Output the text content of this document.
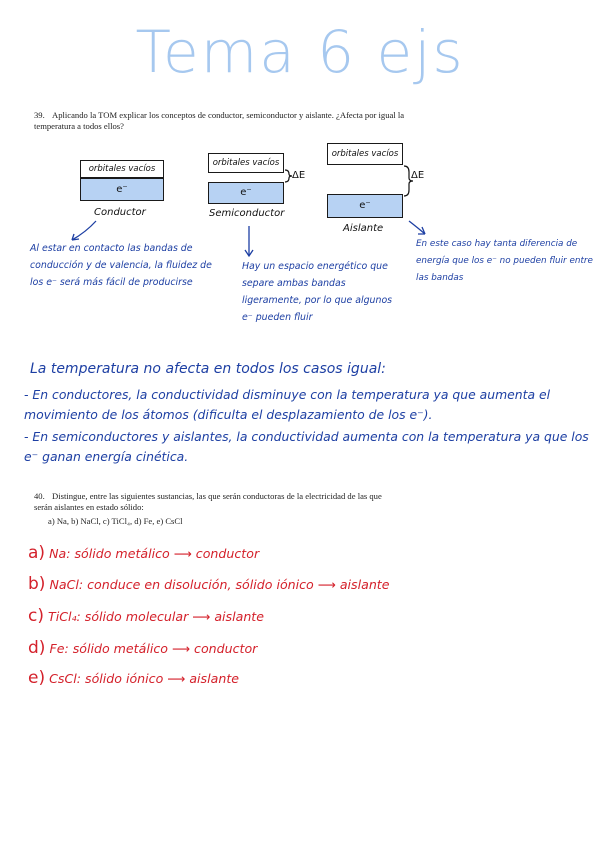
Tema 6 ejs
39. Aplicando la TOM explicar los conceptos de conductor, semiconductor y aislante. ¿Afecta por igual la temperatura a todos ellos?
orbitales vacíos
e⁻
Conductor
orbitales vacíos
e⁻
ΔE
Semiconductor
orbitales vacíos
e⁻
ΔE
Aislante
Al estar en contacto las bandas de conducción y de valencia, la fluidez de los e⁻ será más fácil de producirse
Hay un espacio energético que separe ambas bandas ligeramente, por lo que algunos e⁻ pueden fluir
En este caso hay tanta diferencia de energía que los e⁻ no pueden fluir entre las bandas
La temperatura no afecta en todos los casos igual:
- En conductores, la conductividad disminuye con la temperatura ya que aumenta el movimiento de los átomos (dificulta el desplazamiento de los e⁻).
- En semiconductores y aislantes, la conductividad aumenta con la temperatura ya que los e⁻ ganan energía cinética.
40. Distingue, entre las siguientes sustancias, las que serán conductoras de la electricidad de las que serán aislantes en estado sólido:
a) Na, b) NaCl, c) TiCl₄, d) Fe, e) CsCl
a) Na: sólido metálico ⟶ conductor
b) NaCl: conduce en disolución, sólido iónico ⟶ aislante
c) TiCl₄: sólido molecular ⟶ aislante
d) Fe: sólido metálico ⟶ conductor
e) CsCl: sólido iónico ⟶ aislante
